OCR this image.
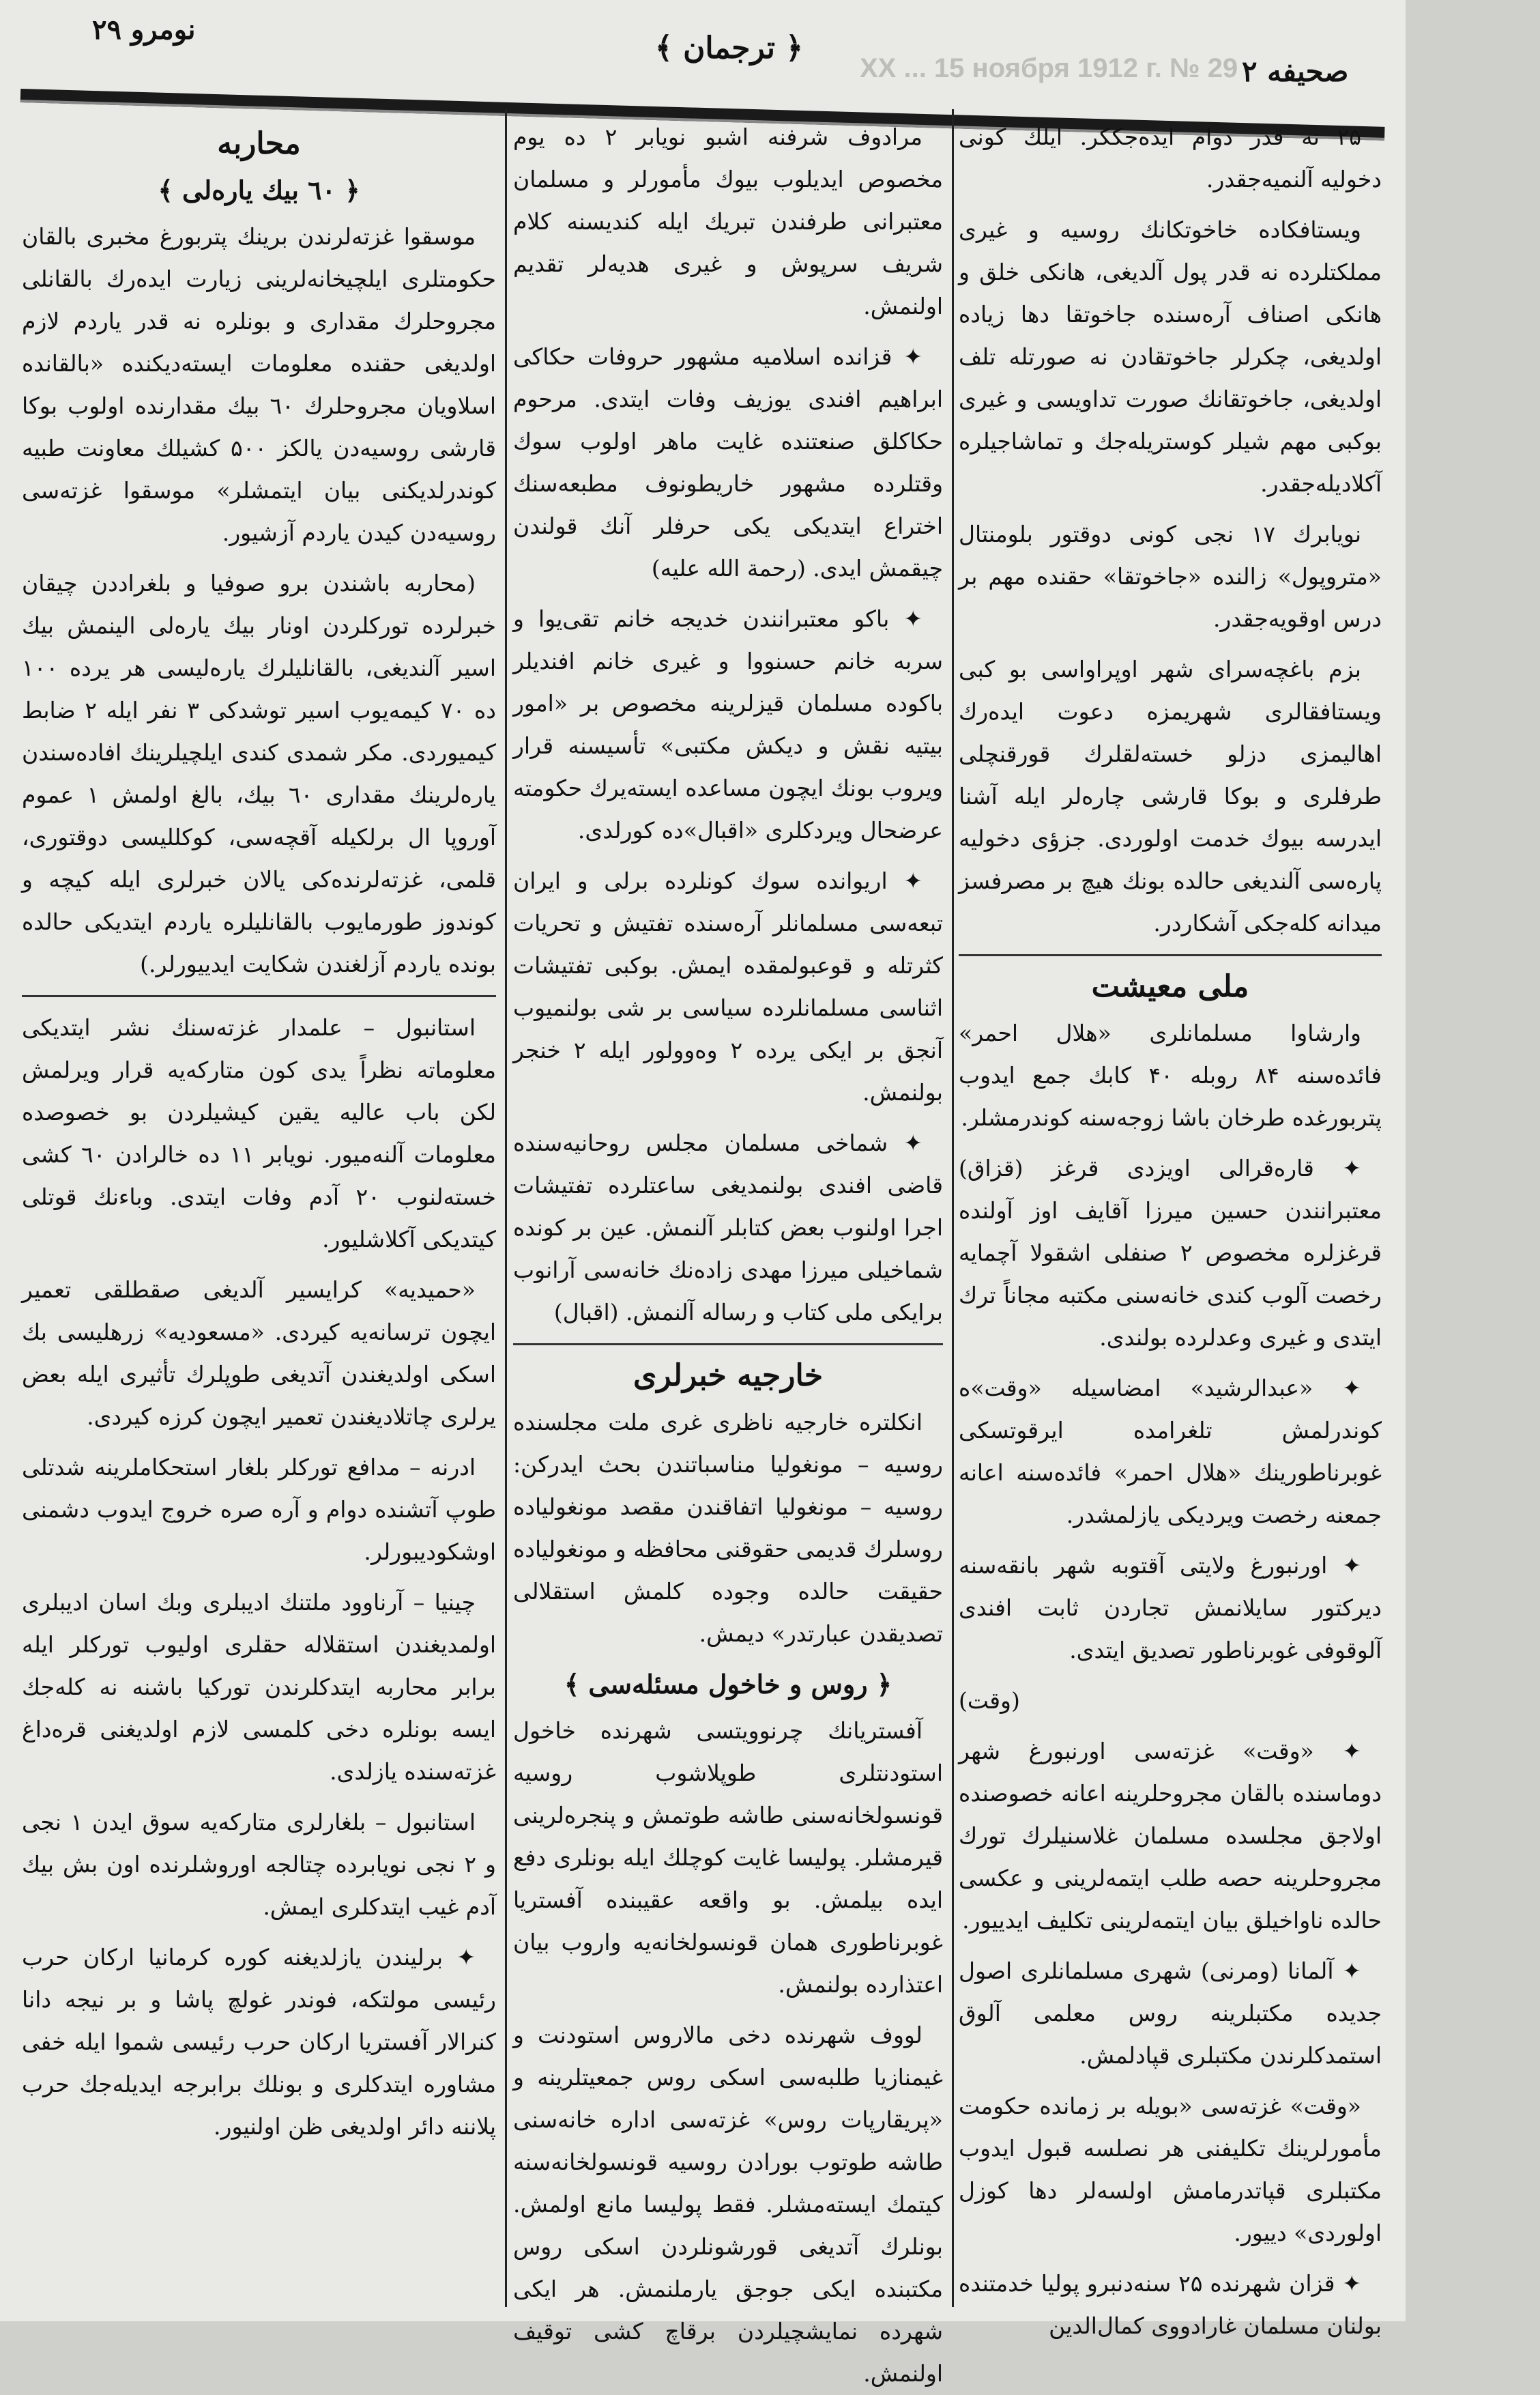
نومرو ۲۹
﴿ ترجمان ﴾
XX ... 15 ноября 1912 г. № 29 صحیفه ۲

۲۵ نه قدر دوام ایده‌جککر. ایلك كونی دخولیه آلنمیه‌جقدر.

ویستافکاده خاخوتکانك روسیه و غیری مملکتلرده نه قدر پول آلدیغی، هانکی خلق و هانکی اصناف آره‌سنده جاخوتقا دها زیاده اولدیغی، چکرلر جاخوتقادن نه صورتله تلف اولدیغی، جاخوتقانك صورت تداویسی و غیری بوكبی مهم شیلر کوستریله‌جك و تماشاجیلره آکلادیله‌جقدر.

نویابرك ۱۷ نجی کونی دوقتور بلومنتال «متروپول» زالنده «جاخوتقا» حقنده مهم بر درس اوقویه‌جقدر.

بزم باغچه‌سرای شهر اوپراواسی بو کبی ویستافقالری شهریمزه دعوت ایده‌رك اهالیمزی دزلو خسته‌لقلرك قورقنچلی طرفلری و بوکا قارشی چاره‌لر ایله آشنا ایدرسه بیوك خدمت اولوردی. جزؤی دخولیه پاره‌سی آلندیغی حالده بونك هیچ بر مصرفسز میدانه کله‌جکی آشکاردر.

ملی معیشت

وارشاوا مسلمانلری «هلال احمر» فائده‌سنه ۸۴ روبله ۴۰ کابك جمع ایدوب پتربورغده طرخان باشا زوجه‌سنه کوندرمشلر.

✦ قاره‌قرالی اویزدی قرغز (قزاق) معتبرانندن حسین میرزا آقایف اوز آولنده قرغزلره مخصوص ۲ صنفلی اشقولا آچمایه رخصت آلوب کندی خانه‌سنی مکتبه مجاناً ترك ایتدی و غیری وعدلرده بولندی.

✦ «عبدالرشید» امضاسیله «وقت»ه کوندرلمش تلغرامده ایرقوتسکی غوبرناطورینك «هلال احمر» فائده‌سنه اعانه جمعنه رخصت ویردیکی یازلمشدر.

✦ اورنبورغ ولایتی آقتوبه شهر بانقه‌سنه دیرکتور سایلانمش تجاردن ثابت افندی آلوقوفی غوبرناطور تصدیق ایتدی.

(وقت)

✦ «وقت» غزته‌سی اورنبورغ شهر دوماسنده بالقان مجروحلرینه اعانه خصوصنده اولاجق مجلسده مسلمان غلاسنیلرك تورك مجروحلرینه حصه طلب ایتمه‌لرینی و عکسی حالده ناواخیلق بیان ایتمه‌لرینی تکلیف ایدییور.

✦ آلمانا (ومرنی) شهری مسلمانلری اصول جدیده مکتبلرینه روس معلمی آلوق استمدکلرندن مکتبلری قپادلمش.

«وقت» غزته‌سی «بویله بر زمانده حکومت مأمورلرینك تکلیفنی هر نصلسه قبول ایدوب مکتبلری قپاتدرمامش اولسه‌لر دها کوزل اولوردی» دییور.

✦ قزان شهرنده ۲۵ سنه‌دنبرو پولیا خدمتنده بولنان مسلمان غارادووی کمال‌الدین

مرادوف شرفنه اشبو نویابر ۲ ده یوم مخصوص ایدیلوب بیوك مأمورلر و مسلمان معتبرانی طرفندن تبریك ایله کندیسنه کلام شریف سرپوش و غیری هدیه‌لر تقدیم اولنمش.

✦ قزانده اسلامیه مشهور حروفات حکاکی ابراهیم افندی یوزیف وفات ایتدی. مرحوم حکاکلق صنعتنده غایت ماهر اولوب سوك وقتلرده مشهور خاریطونوف مطبعه‌سنك اختراع ایتدیکی یکی حرفلر آنك قولندن چیقمش ایدی. (رحمة الله علیه)

✦ باکو معتبرانندن خدیجه خانم تقی‌یوا و سربه خانم حسنووا و غیری خانم افندیلر باکوده مسلمان قیزلرینه مخصوص بر «امور بیتیه نقش و دیکش مکتبی» تأسیسنه قرار ویروب بونك ایچون مساعده ایسته‌یرك حکومته عرضحال ویردکلری «اقبال»ده کورلدی.

✦ اریوانده سوك کونلرده برلی و ایران تبعه‌سی مسلمانلر آره‌سنده تفتیش و تحریات کثرتله و قوعبولمقده ایمش. بوكبی تفتیشات اثناسی مسلمانلرده سیاسی بر شی بولنمیوب آنجق بر ایکی یرده ۲ وه‌وولور ایله ۲ خنجر بولنمش.

✦ شماخی مسلمان مجلس روحانیه‌سنده قاضی افندی بولنمدیغی ساعتلرده تفتیشات اجرا اولنوب بعض کتابلر آلنمش. عین بر کونده شماخیلی میرزا مهدی زاده‌نك خانه‌سی آرانوب برایکی ملی کتاب و رساله آلنمش. (اقبال)

خارجیه خبرلری

انکلتره خارجیه ناظری غری ملت مجلسنده روسیه – مونغولیا مناسباتندن بحث ایدرکن: روسیه – مونغولیا اتفاقندن مقصد مونغولیاده روسلرك قدیمی حقوقنی محافظه و مونغولیاده حقیقت حالده وجوده کلمش استقلالی تصدیقدن عبارتدر» دیمش.

﴿ روس و خاخول مسئله‌سی ﴾

آفستریانك چرنوویتسی شهرنده خاخول استودنتلری طوپلاشوب روسیه قونسولخانه‌سنی طاشه طوتمش و پنجره‌لرینی قیرمشلر. پولیسا غایت کوچلك ایله بونلری دفع ایده بیلمش. بو واقعه عقیبنده آفستریا غوبرناطوری همان قونسولخانه‌یه واروب بیان اعتذارده بولنمش.

لووف شهرنده دخی مالاروس استودنت و غیمنازیا طلبه‌سی اسکی روس جمعیتلرینه و «پریقارپات روس» غزته‌سی اداره خانه‌سنی طاشه طوتوب بورادن روسیه قونسولخانه‌سنه کیتمك ایسته‌مشلر. فقط پولیسا مانع اولمش. بونلرك آتدیغی قورشونلردن اسکی روس مکتبنده ایکی جوجق یارملنمش. هر ایکی شهرده نمایشچیلردن برقاچ کشی توقیف اولنمش.

محاربه
﴿ ٦٠ بیك یارەلی ﴾

موسقوا غزته‌لرندن برینك پتربورغ مخبری بالقان حکومتلری ایلچیخانه‌لرینی زیارت ایده‌رك بالقانلی مجروحلرك مقداری و بونلره نه قدر یاردم لازم اولدیغی حقنده معلومات ایسته‌دیکنده «بالقانده اسلاویان مجروحلرك ٦٠ بیك مقدارنده اولوب بوكا قارشی روسیه‌دن یالکز ۵۰۰ کشیلك معاونت طبیه کوندرلدیکنی بیان ایتمشلر» موسقوا غزته‌سی روسیه‌دن کیدن یاردم آزشیور.

(محاربه باشندن برو صوفیا و بلغراددن چیقان خبرلرده تورکلردن اونار بیك یاره‌لی الینمش بیك اسیر آلندیغی، بالقانلیلرك یاره‌لیسی هر یرده ۱۰۰ ده ۷۰ کیمه‌یوب اسیر توشدکی ۳ نفر ایله ۲ ضابط کیمیوردی. مکر شمدی کندی ایلچیلرینك افاده‌سندن یاره‌لرینك مقداری ٦٠ بیك، بالغ اولمش ۱ عموم آوروپا ال برلکیله آقچه‌سی، کوکللیسی دوقتوری، قلمی، غزته‌لرنده‌کی یالان خبرلری ایله کیچه و کوندوز طورمایوب بالقانلیلره یاردم ایتدیکی حالده بونده یاردم آزلغندن شکایت ایدییورلر.)

استانبول – علمدار غزته‌سنك نشر ایتدیکی معلوماته نظراً یدی کون متارکه‌یه قرار ویرلمش لکن باب عالیه یقین کیشیلردن بو خصوصده معلومات آلنه‌میور. نویابر ۱۱ ده خالرادن ٦٠ کشی خسته‌لنوب ۲۰ آدم وفات ایتدی. وباءنك قوتلی کیتدیکی آکلاشلیور.

«حمیدیه» کرایسیر آلدیغی صقطلقی تعمیر ایچون ترسانه‌یه کیردی. «مسعودیه» زرهلیسی بك اسکی اولدیغندن آتدیغی طوپلرك تأثیری ایله بعض یرلری چاتلادیغندن تعمیر ایچون کرزه کیردی.

ادرنه – مدافع تورکلر بلغار استحکاملرینه شدتلی طوپ آتشنده دوام و آره صره خروج ایدوب دشمنی اوشکودیبورلر.

چینیا – آرناوود ملتنك ادیبلری وبك اسان ادیبلری اولمدیغندن استقلاله حقلری اولیوب تورکلر ایله برابر محاربه ایتدکلرندن تورکیا باشنه نه کله‌جك ایسه بونلره دخی کلمسی لازم اولدیغنی قره‌داغ غزته‌سنده یازلدی.

استانبول – بلغارلری متارکه‌یه سوق ایدن ۱ نجی و ۲ نجی نویابرده چتالجه اوروشلرنده اون بش بیك آدم غیب ایتدکلری ایمش.

✦ برلیندن یازلدیغنه کوره کرمانیا ارکان حرب رئیسی مولتکه، فوندر غولچ پاشا و بر نیجه دانا کنرالار آفستریا ارکان حرب رئیسی شموا ایله خفی مشاوره ایتدکلری و بونلك برابرجه ایدیله‌جك حرب پلاننه دائر اولدیغی ظن اولنیور.
